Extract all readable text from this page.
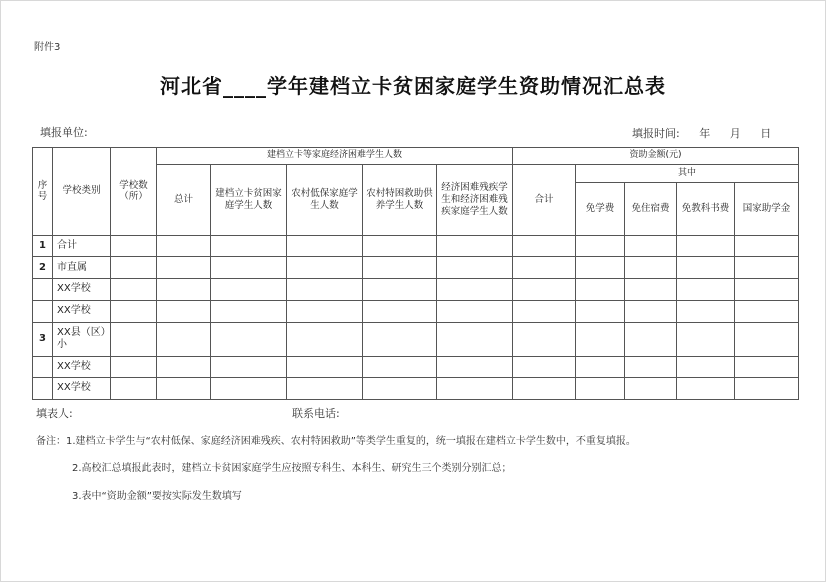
附件3
河北省____学年建档立卡贫困家庭学生资助情况汇总表
填报单位:	填报时间: 年 月 日
序号	学校类别	学校数（所）	建档立卡等家庭经济困难学生人数					资助金额(元)				
			总计	建档立卡贫困家庭学生人数	农村低保家庭学生人数	农村特困救助供养学生人数	经济困难残疾学生和经济困难残疾家庭学生人数	合计	其中			
									免学费	免住宿费	免教科书费	国家助学金
1	合计											
2	市直属											
	XX学校											
	XX学校											
3	XX县（区）小											
	XX学校											
	XX学校											
填表人:	联系电话:
备注：1.建档立卡学生与“农村低保、家庭经济困难残疾、农村特困救助”等类学生重复的，统一填报在建档立卡学生数中，不重复填报。
2.高校汇总填报此表时，建档立卡贫困家庭学生应按照专科生、本科生、研究生三个类别分别汇总；
3.表中“资助金额”要按实际发生数填写
